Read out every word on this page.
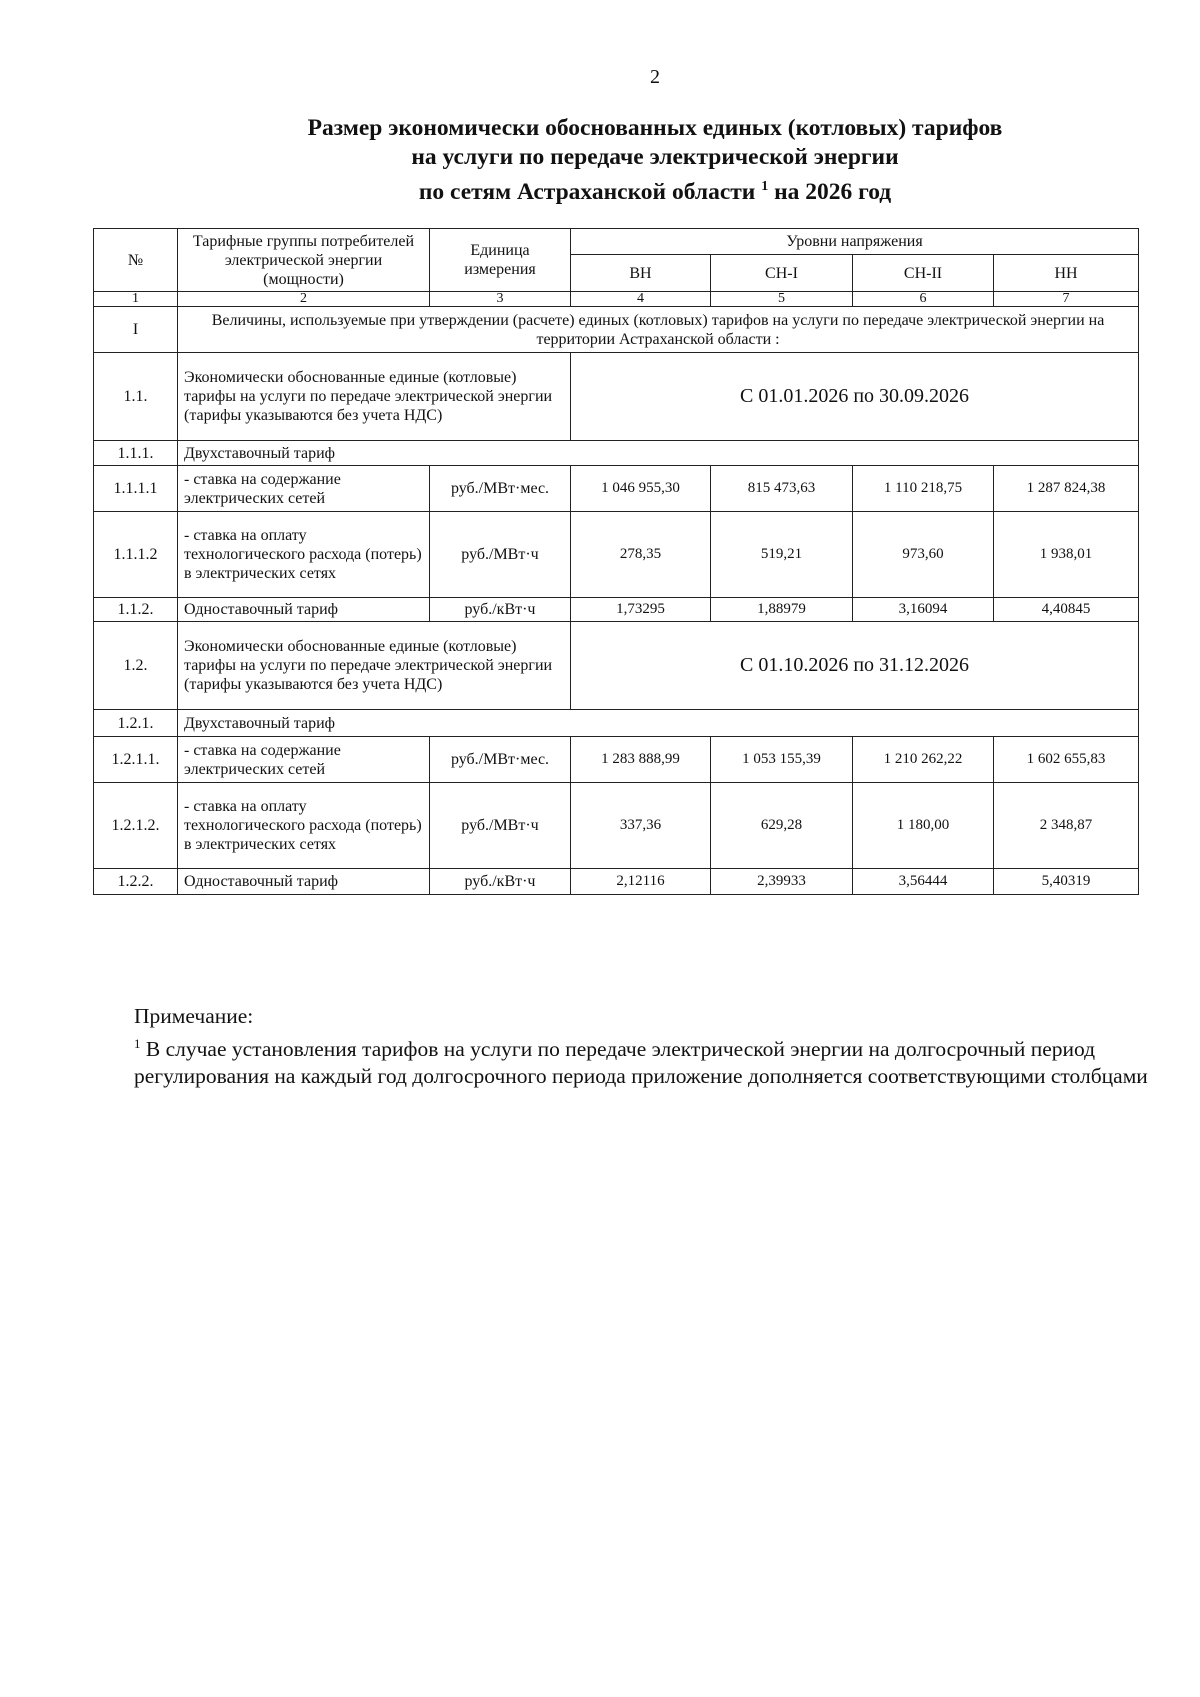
2
Размер экономически обоснованных единых (котловых) тарифов
на услуги по передаче электрической энергии
по сетям Астраханской области $^1$ на 2026 год
№	Тарифные группы потребителей электрической энергии (мощности)	Единица измерения	Уровни напряжения			
			ВН	СН-I	СН-II	НН
1	2	3	4	5	6	7
I	Величины, используемые при утверждении (расчете) единых (котловых) тарифов на услуги по передаче электрической энергии на территории Астраханской области :					
1.1.	Экономически обоснованные единые (котловые) тарифы на услуги по передаче электрической энергии (тарифы указываются без учета НДС)		С 01.01.2026 по 30.09.2026			
1.1.1.	Двухставочный тариф					
1.1.1.1	- ставка на содержание электрических сетей	руб./МВт·мес.	1 046 955,30	815 473,63	1 110 218,75	1 287 824,38
1.1.1.2	- ставка на оплату технологического расхода (потерь) в электрических сетях	руб./МВт·ч	278,35	519,21	973,60	1 938,01
1.1.2.	Одноставочный тариф	руб./кВт·ч	1,73295	1,88979	3,16094	4,40845
1.2.	Экономически обоснованные единые (котловые) тарифы на услуги по передаче электрической энергии (тарифы указываются без учета НДС)		С 01.10.2026 по 31.12.2026			
1.2.1.	Двухставочный тариф					
1.2.1.1.	- ставка на содержание электрических сетей	руб./МВт·мес.	1 283 888,99	1 053 155,39	1 210 262,22	1 602 655,83
1.2.1.2.	- ставка на оплату технологического расхода (потерь) в электрических сетях	руб./МВт·ч	337,36	629,28	1 180,00	2 348,87
1.2.2.	Одноставочный тариф	руб./кВт·ч	2,12116	2,39933	3,56444	5,40319
Примечание:
$^1$ В случае установления тарифов на услуги по передаче электрической энергии на долгосрочный период регулирования на каждый год долгосрочного периода приложение дополняется соответствующими столбцами
